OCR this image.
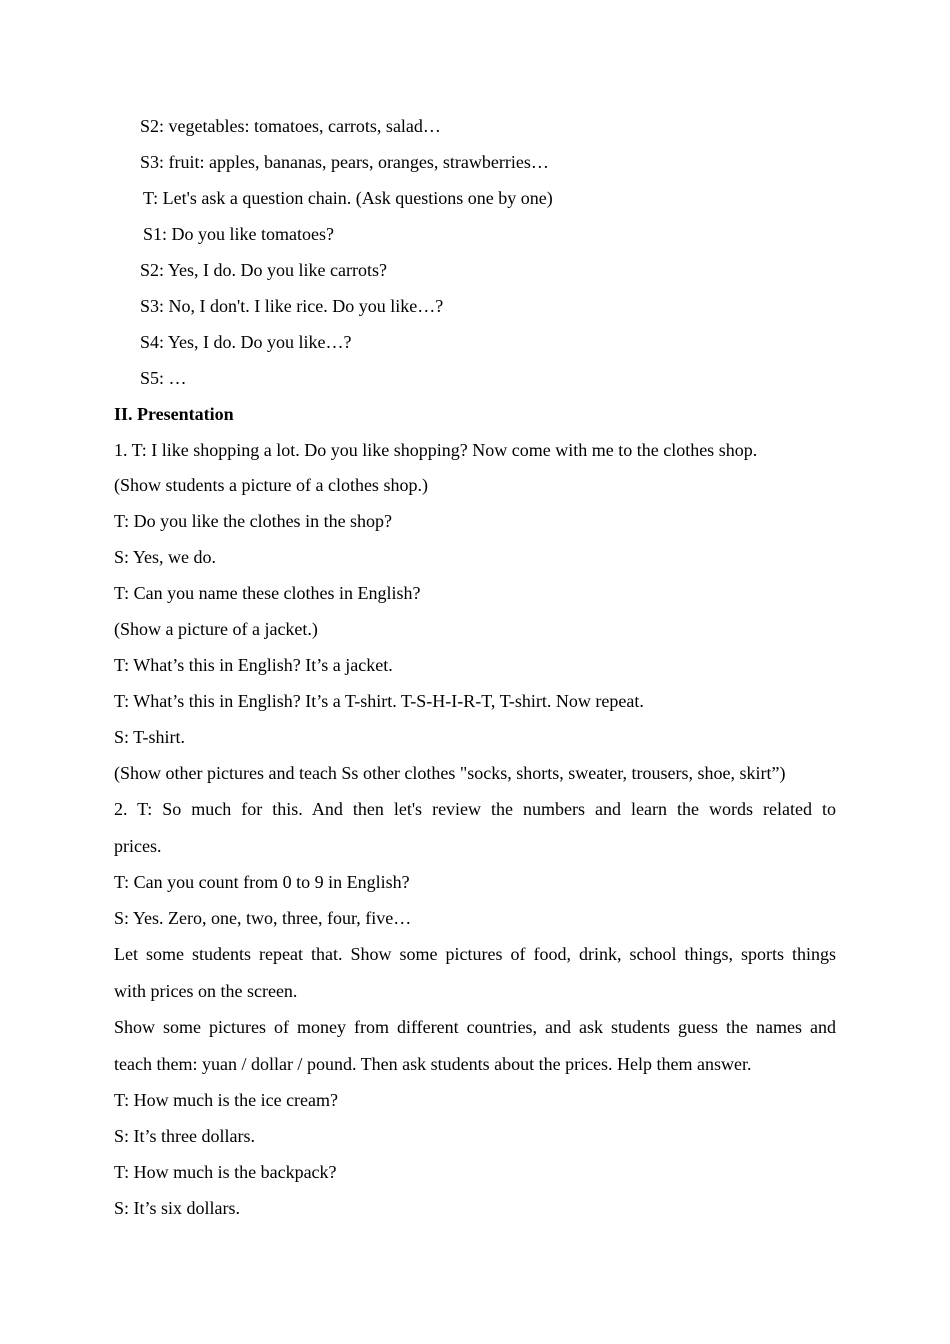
S2: vegetables: tomatoes, carrots, salad…
S3: fruit: apples, bananas, pears, oranges, strawberries…
T: Let's ask a question chain. (Ask questions one by one)
S1: Do you like tomatoes?
S2: Yes, I do. Do you like carrots?
S3: No, I don't. I like rice. Do you like…?
S4: Yes, I do. Do you like…?
S5: …
II. Presentation
1. T: I like shopping a lot. Do you like shopping? Now come with me to the clothes shop.
(Show students a picture of a clothes shop.)
T: Do you like the clothes in the shop?
S: Yes, we do.
T: Can you name these clothes in English?
(Show a picture of a jacket.)
T: What’s this in English? It’s a jacket.
T: What’s this in English? It’s a T-shirt. T-S-H-I-R-T, T-shirt. Now repeat.
S: T-shirt.
(Show other pictures and teach Ss other clothes "socks, shorts, sweater, trousers, shoe, skirt”)
2. T: So much for this. And then let's review the numbers and learn the words related to
prices.
T: Can you count from 0 to 9 in English?
S: Yes. Zero, one, two, three, four, five…
Let some students repeat that. Show some pictures of food, drink, school things, sports things
with prices on the screen.
Show some pictures of money from different countries, and ask students guess the names and
teach them: yuan / dollar / pound. Then ask students about the prices. Help them answer.
T: How much is the ice cream?
S: It’s three dollars.
T: How much is the backpack?
S: It’s six dollars.
